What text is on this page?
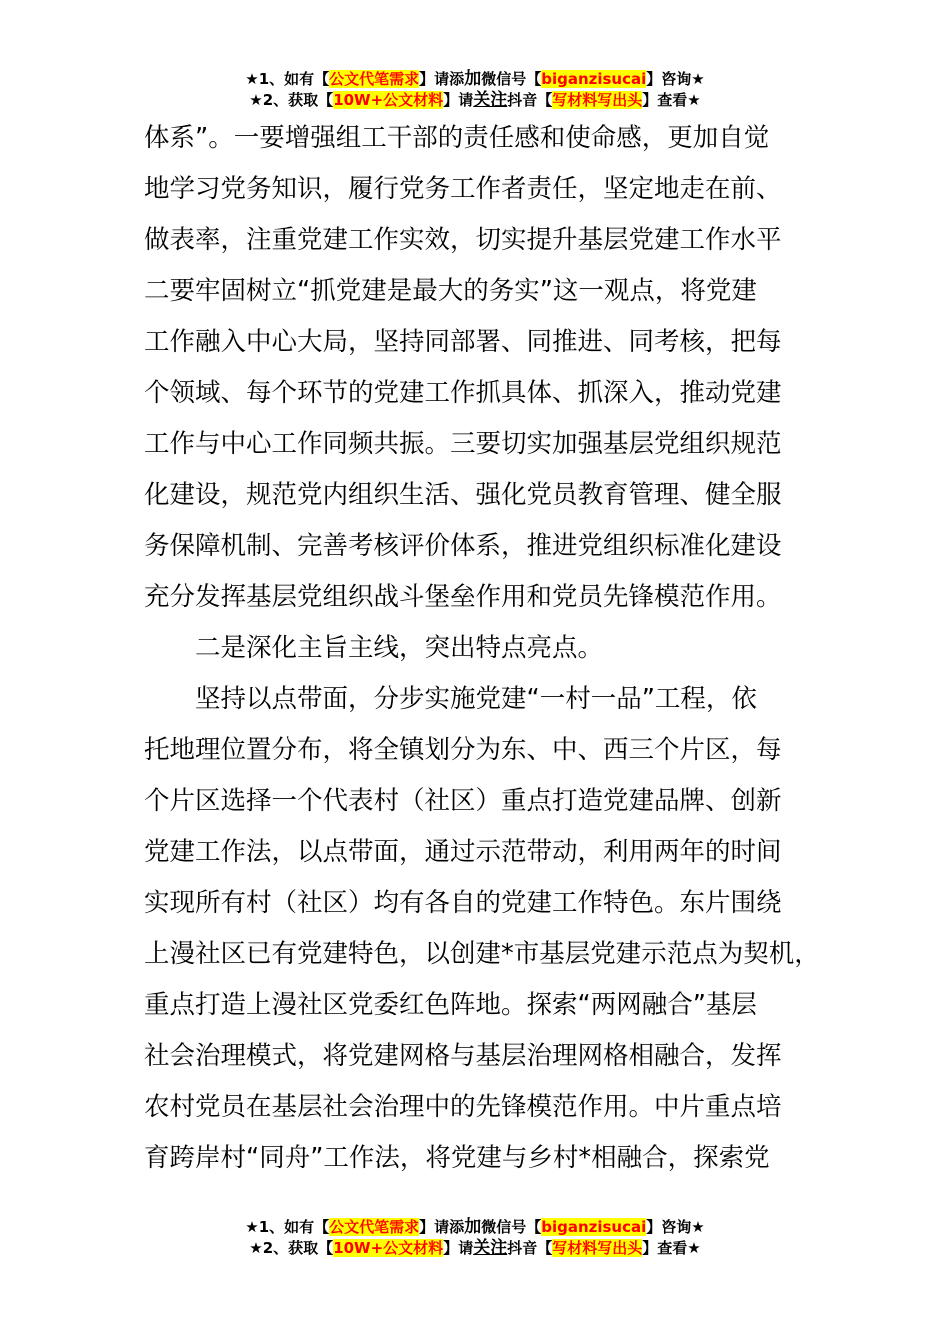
★1、如有【公文代笔需求】请添加微信号【biganzisucai】咨询★
★2、获取【10W+公文材料】请关注抖音【写材料写出头】查看★
体系”。一要增强组工干部的责任感和使命感，更加自觉
地学习党务知识，履行党务工作者责任，坚定地走在前、
做表率，注重党建工作实效，切实提升基层党建工作水平
二要牢固树立“抓党建是最大的务实”这一观点，将党建
工作融入中心大局，坚持同部署、同推进、同考核，把每
个领域、每个环节的党建工作抓具体、抓深入，推动党建
工作与中心工作同频共振。三要切实加强基层党组织规范
化建设，规范党内组织生活、强化党员教育管理、健全服
务保障机制、完善考核评价体系，推进党组织标准化建设
充分发挥基层党组织战斗堡垒作用和党员先锋模范作用。
二是深化主旨主线，突出特点亮点。
坚持以点带面，分步实施党建“一村一品”工程，依
托地理位置分布，将全镇划分为东、中、西三个片区，每
个片区选择一个代表村（社区）重点打造党建品牌、创新
党建工作法，以点带面，通过示范带动，利用两年的时间
实现所有村（社区）均有各自的党建工作特色。东片围绕
上漫社区已有党建特色，以创建*市基层党建示范点为契机，
重点打造上漫社区党委红色阵地。探索“两网融合”基层
社会治理模式，将党建网格与基层治理网格相融合，发挥
农村党员在基层社会治理中的先锋模范作用。中片重点培
育跨岸村“同舟”工作法，将党建与乡村*相融合，探索党
★1、如有【公文代笔需求】请添加微信号【biganzisucai】咨询★
★2、获取【10W+公文材料】请关注抖音【写材料写出头】查看★
